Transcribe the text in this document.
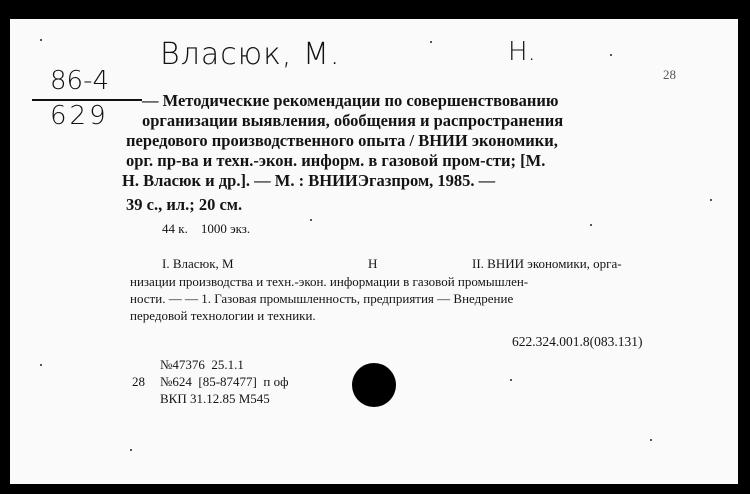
Власюк, М.	Н.
86-4
629
28
— Методические рекомендации по совершенствованию
организации выявления, обобщения и распространения
передового производственного опыта / ВНИИ экономики,
орг. пр-ва и техн.-экон. информ. в газовой пром-сти; [М.
Н. Власюк и др.]. — М. : ВНИИЭгазпром, 1985. —
39 с., ил.; 20 см.
44 к.    1000 экз.
I. Власюк, М	Н	II. ВНИИ экономики, орга-
низации производства и техн.-экон. информации в газовой промышлен-
ности. — — 1. Газовая промышленность, предприятия — Внедрение
передовой технологии и техники.
622.324.001.8(083.131)
№47376  25.1.1
28 №624  [85-87477]  п оф
ВКП 31.12.85 М545
